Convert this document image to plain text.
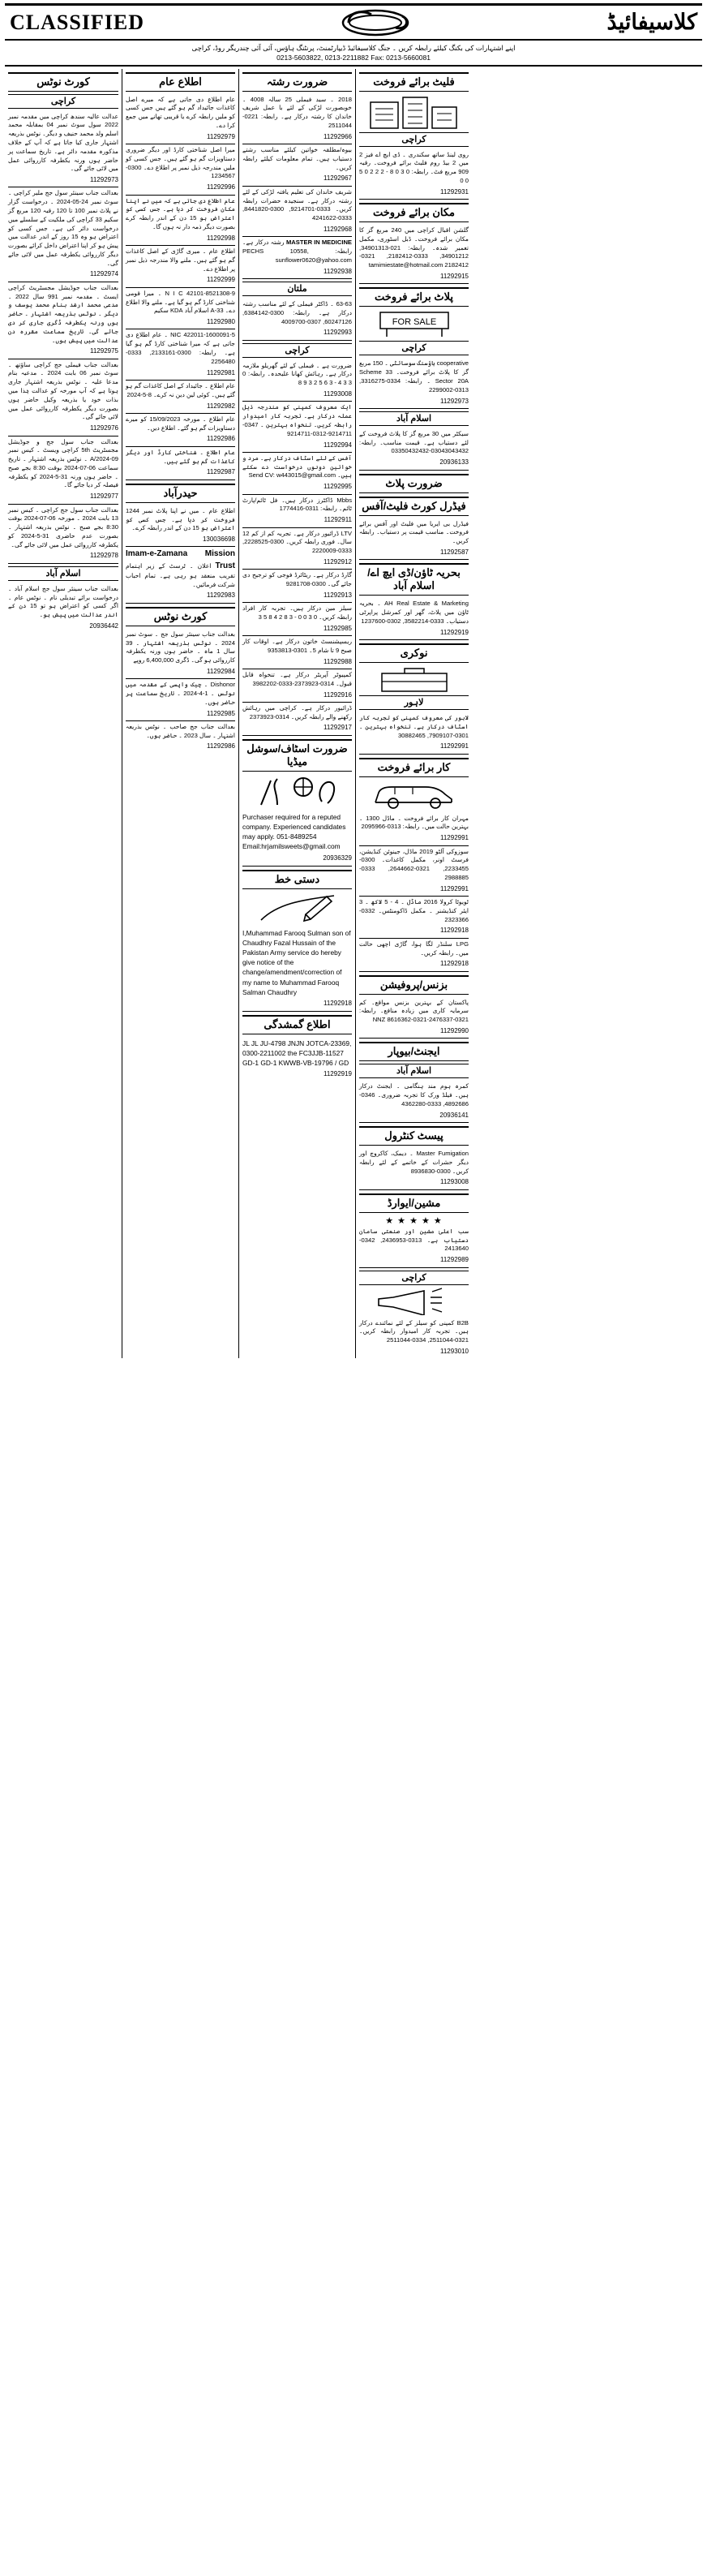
CLASSIFIED	کلاسیفائیڈ
اپنے اشتہارات کی بکنگ کیلئے رابطہ کریں ۔ جنگ کلاسیفائیڈ ڈیپارٹمنٹ، پرنٹنگ ہاؤس، آئی آئی چندریگر روڈ، کراچی
0213-5603822, 0213-2211882 Fax: 0213-5660081
کورٹ نوٹس
کراچی
عدالت عالیہ سندھ کراچی میں مقدمہ نمبر 2022 سول سوٹ نمبر 04 بمقابلہ محمد اسلم ولد محمد حنیف و دیگر۔ نوٹس بذریعہ اشتہار جاری کیا جاتا ہے کہ آپ کے خلاف مذکورہ مقدمہ دائر ہے۔ تاریخ سماعت پر حاضر ہوں ورنہ یکطرفہ کارروائی عمل میں لائی جائے گی۔
11292973
بعدالت جناب سینئر سول جج ملیر کراچی ۔ سوٹ نمبر 24-05-2024 ۔ درخواست گزار نے پلاٹ نمبر 100 تا 120 رقبہ 120 مربع گز سکیم 33 کراچی کی ملکیت کے سلسلے میں درخواست دائر کی ہے۔ جس کسی کو اعتراض ہو وہ 15 روز کے اندر عدالت میں پیش ہو کر اپنا اعتراض داخل کرائے بصورت دیگر کارروائی یکطرفہ عمل میں لائی جائے گی۔
11292974
بعدالت جناب جوڈیشل مجسٹریٹ کراچی ایسٹ ۔ مقدمہ نمبر 991 سال 2022 ۔ مدعی محمد ارشد بنام محمد یوسف و دیگر ۔ نوٹس بذریعہ اشتہار ۔ حاضر ہوں ورنہ یکطرفہ ڈگری جاری کر دی جائے گی۔ تاریخ سماعت مقررہ دن عدالت میں پیش ہوں۔
11292975
بعدالت جناب فیملی جج کراچی ساؤتھ ۔ سوٹ نمبر 06 بابت 2024 ۔ مدعیہ بنام مدعا علیہ ۔ نوٹس بذریعہ اشتہار جاری ہوتا ہے کہ آپ مورخہ کو عدالت ہٰذا میں بذات خود یا بذریعہ وکیل حاضر ہوں بصورت دیگر یکطرفہ کارروائی عمل میں لائی جائے گی۔
11292976
بعدالت جناب سول جج و جوڈیشل مجسٹریٹ 5th کراچی ویسٹ ۔ کیس نمبر 09-A/2024 ۔ نوٹس بذریعہ اشتہار ۔ تاریخ سماعت 06-07-2024 بوقت 8:30 بجے صبح ۔ حاضر ہوں ورنہ 31-5-2024 کو یکطرفہ فیصلہ کر دیا جائے گا۔
11292977
بعدالت جناب سول جج کراچی ۔ کیس نمبر 13 بابت 2024 ۔ مورخہ 06-07-2024 بوقت 8:30 بجے صبح ۔ نوٹس بذریعہ اشتہار ۔ بصورت عدم حاضری 31-5-2024 کو یکطرفہ کارروائی عمل میں لائی جائے گی۔
11292978
اسلام آباد
بعدالت جناب سینئر سول جج اسلام آباد ۔ درخواست برائے تبدیلی نام ۔ نوٹس عام ۔ اگر کسی کو اعتراض ہو تو 15 دن کے اندر عدالت میں پیش ہو۔
20936442
اطلاع عام
عام اطلاع دی جاتی ہے کہ میرے اصل کاغذات جائیداد گم ہو گئے ہیں جس کسی کو ملیں رابطہ کرے یا قریبی تھانے میں جمع کرا دے۔
11292979
میرا اصل شناختی کارڈ اور دیگر ضروری دستاویزات گم ہو گئے ہیں۔ جس کسی کو ملیں مندرجہ ذیل نمبر پر اطلاع دے۔ 0300-1234567
11292996
عام اطلاع دی جاتی ہے کہ میں نے اپنا مکان فروخت کر دیا ہے۔ جس کسی کو اعتراض ہو 15 دن کے اندر رابطہ کرے بصورت دیگر ذمہ دار نہ ہوں گا۔
11292998
اطلاع عام ۔ میری گاڑی کے اصل کاغذات گم ہو گئے ہیں۔ ملنے والا مندرجہ ذیل نمبر پر اطلاع دے۔
11292999
N I C 42101-8521308-9 ۔ میرا قومی شناختی کارڈ گم ہو گیا ہے۔ ملنے والا اطلاع دے۔ 33-A اسلام آباد KDA سکیم
11292980
NIC 422011-1600091-5 ۔ عام اطلاع دی جاتی ہے کہ میرا شناختی کارڈ گم ہو گیا ہے۔ رابطہ: 0300-2133161, 0333-2256480
11292981
عام اطلاع ۔ جائیداد کے اصل کاغذات گم ہو گئے ہیں۔ کوئی لین دین نہ کرے۔ 8-5-2024
11292982
عام اطلاع ۔ مورخہ 15/09/2023 کو میرے دستاویزات گم ہو گئے۔ اطلاع دیں۔
11292986
عام اطلاع ۔ شناختی کارڈ اور دیگر کاغذات گم ہو گئے ہیں۔
11292987
حیدرآباد
اطلاع عام ۔ میں نے اپنا پلاٹ نمبر 1244 فروخت کر دیا ہے۔ جس کسی کو اعتراض ہو 15 دن کے اندر رابطہ کرے۔
130036698
Imam-e-Zamana Mission Trust اعلان ۔ ٹرسٹ کے زیر اہتمام تقریب منعقد ہو رہی ہے۔ تمام احباب شرکت فرمائیں۔
11292983
کورٹ نوٹس
بعدالت جناب سینئر سول جج ۔ سوٹ نمبر 2024 ۔ نوٹس بذریعہ اشتہار ۔ 39 سال 1 ماہ ۔ حاضر ہوں ورنہ یکطرفہ کارروائی ہو گی۔ ڈگری 6,400,000 روپے
11292984
Dishonor ۔ چیک واپسی کے مقدمہ میں نوٹس ۔ 1-4-2024 ۔ تاریخ سماعت پر حاضر ہوں۔
11292985
بعدالت جناب جج صاحب ۔ نوٹس بذریعہ اشتہار ۔ سال 2023 ۔ حاضر ہوں۔
11292986
ضرورت رشتہ
2018 ۔ سید فیملی 25 سالہ 4008 ۔ خوبصورت لڑکی کے لئے با عمل شریف خاندان کا رشتہ درکار ہے۔ رابطہ: 0221-2511044
11292966
بیوہ/مطلقہ خواتین کیلئے مناسب رشتے دستیاب ہیں۔ تمام معلومات کیلئے رابطہ کریں۔
11292967
شریف خاندان کی تعلیم یافتہ لڑکی کے لئے رشتہ درکار ہے۔ سنجیدہ حضرات رابطہ کریں۔ 0333-9214701, 0300-8441820, 0333-4241622
11292968
MASTER IN MEDICINE رشتہ درکار ہے۔ رابطہ: PECHS 10558, sunflower0620@yahoo.com
11292938
ملتان
63-63 ۔ ڈاکٹر فیملی کے لئے مناسب رشتہ درکار ہے۔ رابطہ: 0300-6384142, 60247126, 0307-4009700
11292993
کراچی
ضرورت ہے ۔ فیملی کے لئے گھریلو ملازمہ درکار ہے۔ رہائش کھانا علیحدہ۔ رابطہ: 0 3 3 4 - 3 6 5 2 3 9 8
11293008
ایک معروف کمپنی کو مندرجہ ذیل عملہ درکار ہے۔ تجربہ کار امیدوار رابطہ کریں۔ تنخواہ بہترین ۔ 0347-9214711-0312-9214711
11292994
آفس کے لئے اسٹاف درکار ہے۔ مرد و خواتین دونوں درخواست دے سکتے ہیں۔ Send CV: w443015@gmail.com
11292995
Mbbs ڈاکٹرز درکار ہیں۔ فل ٹائم/پارٹ ٹائم۔ رابطہ: 0311-1774416
11292911
LTV ڈرائیور درکار ہے۔ تجربہ کم از کم 12 سال۔ فوری رابطہ کریں۔ 0300-2228525, 0333-2220009
11292912
گارڈ درکار ہے۔ ریٹائرڈ فوجی کو ترجیح دی جائے گی۔ 0300-9281708
11292913
سیلز مین درکار ہیں۔ تجربہ کار افراد رابطہ کریں۔ 0 3 0 0 - 3 8 2 4 8 5 3
11292985
ریسپشنسٹ خاتون درکار ہے۔ اوقات کار صبح 9 تا شام 5۔ 0301-9353813
11292988
کمپیوٹر آپریٹر درکار ہے۔ تنخواہ قابل قبول۔ 0314-2373923-0333-3982202
11292916
ڈرائیور درکار ہے۔ کراچی میں رہائش رکھنے والے رابطہ کریں۔ 0314-2373923
11292917
ضرورت اسٹاف/سوشل میڈیا
Purchaser required for a reputed company. Experienced candidates may apply. 051-8489254 Email:hrjamilsweets@gmail.com
20936329
دستی خط
I,Muhammad Farooq Sulman son of Chaudhry Fazal Hussain of the Pakistan Army service do hereby give notice of the change/amendment/correction of my name to Muhammad Farooq Salman Chaudhry
11292918
اطلاع گمشدگی
JL JL JU-4798 JNJN JOTCA-23369, 0300-2211002 the FC3JJB-11527 GD-1 GD-1 KWWB-VB-19796 / GD
11292919
فلیٹ برائے فروخت
کراچی
روی لینڈ ساتھ سکندری ۔ ڈی ایچ اے فیز 2 میں 2 بیڈ روم فلیٹ برائے فروخت۔ رقبہ 909 مربع فٹ۔ رابطہ: 0 3 0 8 - 2 2 2 0 5 0 0
11292931
مکان برائے فروخت
گلشن اقبال کراچی میں 240 مربع گز کا مکان برائے فروخت۔ ڈبل اسٹوری، مکمل تعمیر شدہ۔ رابطہ: 021-34901313, 34901212, 0333-2182412, 0321-2182412 tamimiestate@hotmail.com
11292915
پلاٹ برائے فروخت
FOR SALE
کراچی
cooperative ہاؤسنگ سوسائٹی ۔ 150 مربع گز کا پلاٹ برائے فروخت۔ Scheme 33 Sector 20A ۔ رابطہ: 0334-3316275, 0313-2299002
11292973
اسلام آباد
سیکٹر میں 30 مربع گز کا پلاٹ فروخت کے لئے دستیاب ہے۔ قیمت مناسب۔ رابطہ: 03043043432-03350432432
20936133
ضرورت پلاٹ
فیڈرل کورٹ فلیٹ/آفس
فیڈرل بی ایریا میں فلیٹ اور آفس برائے فروخت۔ مناسب قیمت پر دستیاب۔ رابطہ کریں۔
11292587
بحریہ ٹاؤن/ڈی ایچ اے/اسلام آباد
AH Real Estate & Marketing ۔ بحریہ ٹاؤن میں پلاٹ، گھر اور کمرشل پراپرٹی دستیاب۔ 0333-3582214, 0302-1237600
11292919
نوکری
لاہور
لاہور کی معروف کمپنی کو تجربہ کار اسٹاف درکار ہے۔ تنخواہ بہترین ۔ 0301-7909107, 30882465
11292991
کار برائے فروخت
مہران کار برائے فروخت ۔ ماڈل 1300 ۔ بہترین حالت میں۔ رابطہ: 0313-2095966
11292991
سوزوکی آلٹو 2019 ماڈل، جینوئن کنڈیشن، فرسٹ اونر، مکمل کاغذات۔ 0300-2233455, 0321-2644662, 0333-2988885
11292991
ٹویوٹا کرولا 2016 ماڈل ۔ 4 - 5 لاکھ ۔ 3 ایئر کنڈیشنر ۔ مکمل ڈاکومنٹس۔ 0332-2323366
11292918
LPG سلنڈر لگا ہوا، گاڑی اچھی حالت میں۔ رابطہ کریں۔
11292918
بزنس/پروفیشن
پاکستان کے بہترین بزنس مواقع۔ کم سرمایہ کاری میں زیادہ منافع۔ رابطہ: 0321-2476337-0321-8616362 NNZ
11292990
ایجنٹ/بیوپار
اسلام آباد
کمرہ ہوم مند ہنگامی ۔ ایجنٹ درکار ہیں۔ فیلڈ ورک کا تجربہ ضروری۔ 0346-4892686, 0333-4362280
20936141
پیسٹ کنٹرول
Master Fumigation ۔ دیمک، کاکروچ اور دیگر حشرات کے خاتمے کے لئے رابطہ کریں۔ 0300-8936830
11293008
مشین/ایوارڈ
★ ★ ★ ★ ★
سب اعلیٰ مشین اور صنعتی سامان دستیاب ہے۔ 0313-2436953, 0342-2413640
11292989
کراچی
B2B کمپنی کو سیلز کے لئے نمائندے درکار ہیں۔ تجربہ کار امیدوار رابطہ کریں۔ 0321-2511044, 0334-2511044
11293010
